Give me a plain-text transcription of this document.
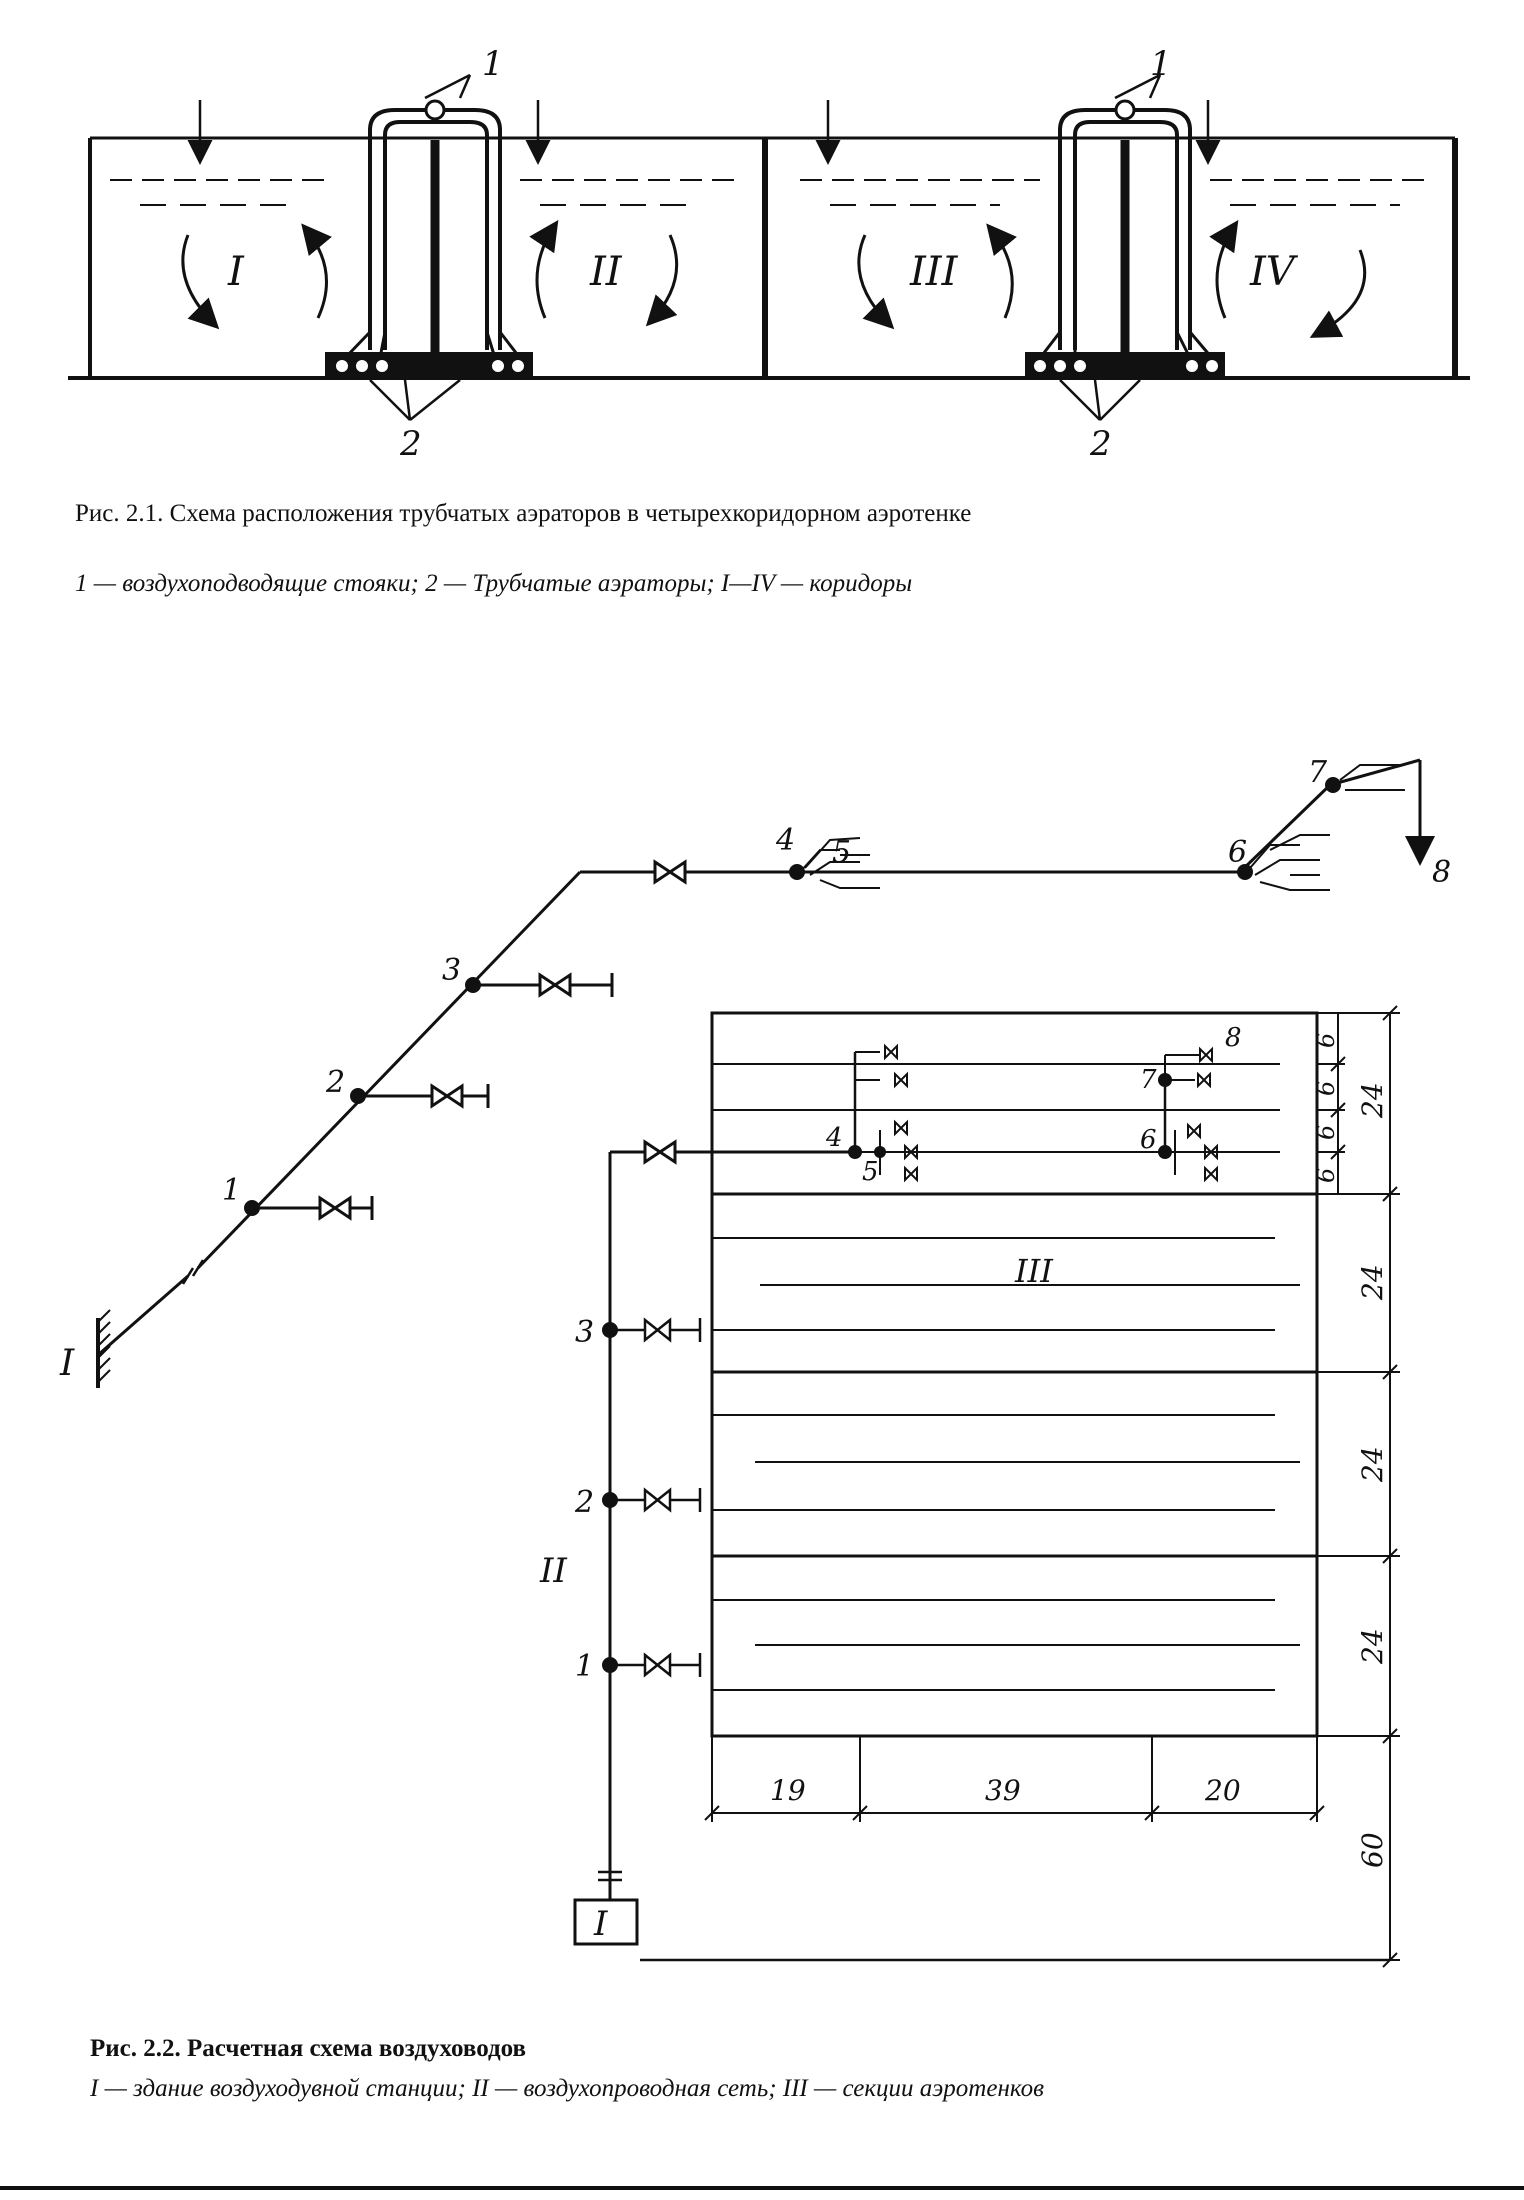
1	1
2	2
I	II	III	IV
1
2
3
4 5	6
7
8
I
1
2
3
4
5
6
7
8
II
III
I
6
6
6
6
24
24
24
24
60
19	39	20
Рис. 2.1. Схема расположения трубчатых аэраторов в четырехкоридорном аэротенке
1 — воздухоподводящие стояки; 2 — Трубчатые аэраторы; I—IV — коридоры
Рис. 2.2. Расчетная схема воздуховодов
I — здание воздуходувной станции; II — воздухопроводная сеть; III — секции аэротенков
